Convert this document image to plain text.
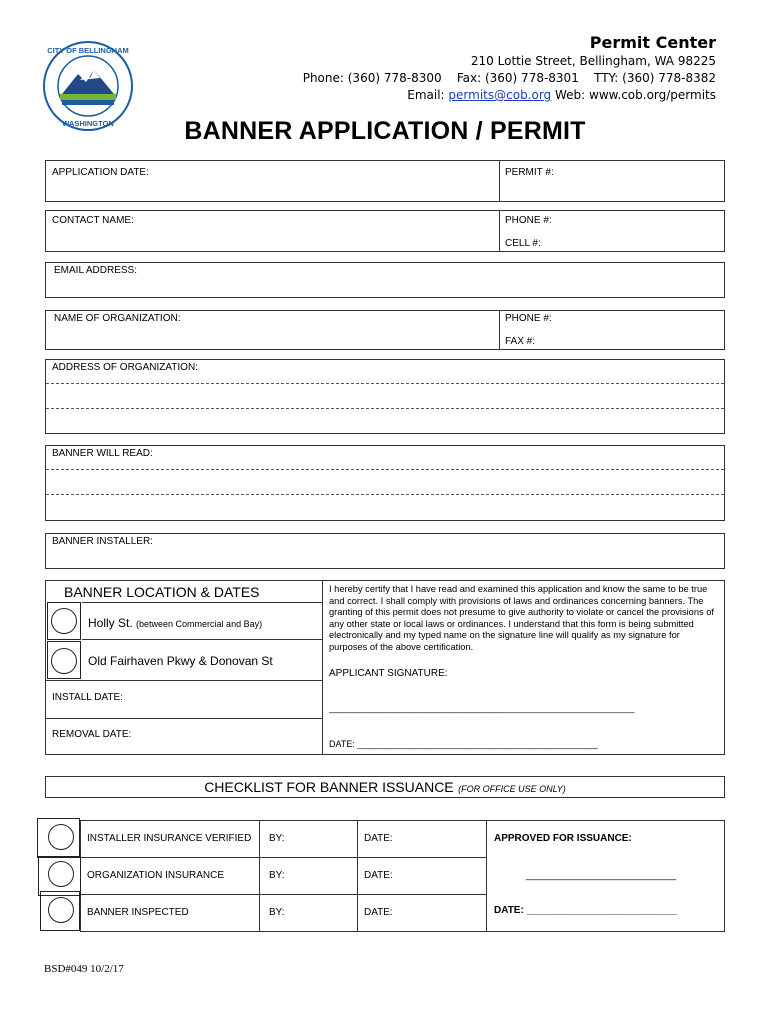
CITY OF BELLINGHAM
WASHINGTON
Permit Center
210 Lottie Street, Bellingham, WA 98225
Phone: (360) 778-8300    Fax: (360) 778-8301    TTY: (360) 778-8382
Email: permits@cob.org Web: www.cob.org/permits
BANNER APPLICATION / PERMIT
APPLICATION DATE:	PERMIT #:
CONTACT NAME:	PHONE #:
CELL #:
EMAIL ADDRESS:
NAME OF ORGANIZATION:	PHONE #:
FAX #:
ADDRESS OF ORGANIZATION:
BANNER WILL READ:
BANNER INSTALLER:
BANNER LOCATION & DATES
Holly St. (between Commercial and Bay)
Old Fairhaven Pkwy & Donovan St
INSTALL DATE:
REMOVAL DATE:
I hereby certify that I have read and examined this application and know the same to be true and correct. I shall comply with provisions of laws and ordinances concerning banners. The granting of this permit does not presume to give authority to violate or cancel the provisions of any other state or local laws or ordinances. I understand that this form is being submitted electronically and my typed name on the signature line will qualify as my signature for purposes of the above certification.
APPLICANT SIGNATURE:
_____________________________________________________________
DATE: ________________________________________________
CHECKLIST FOR BANNER ISSUANCE (FOR OFFICE USE ONLY)
INSTALLER INSURANCE VERIFIED BY:	DATE:
ORGANIZATION INSURANCE	BY:	DATE:
BANNER INSPECTED	BY:	DATE:
APPROVED FOR ISSUANCE:
___________________________
DATE: ___________________________
BSD#049 10/2/17
